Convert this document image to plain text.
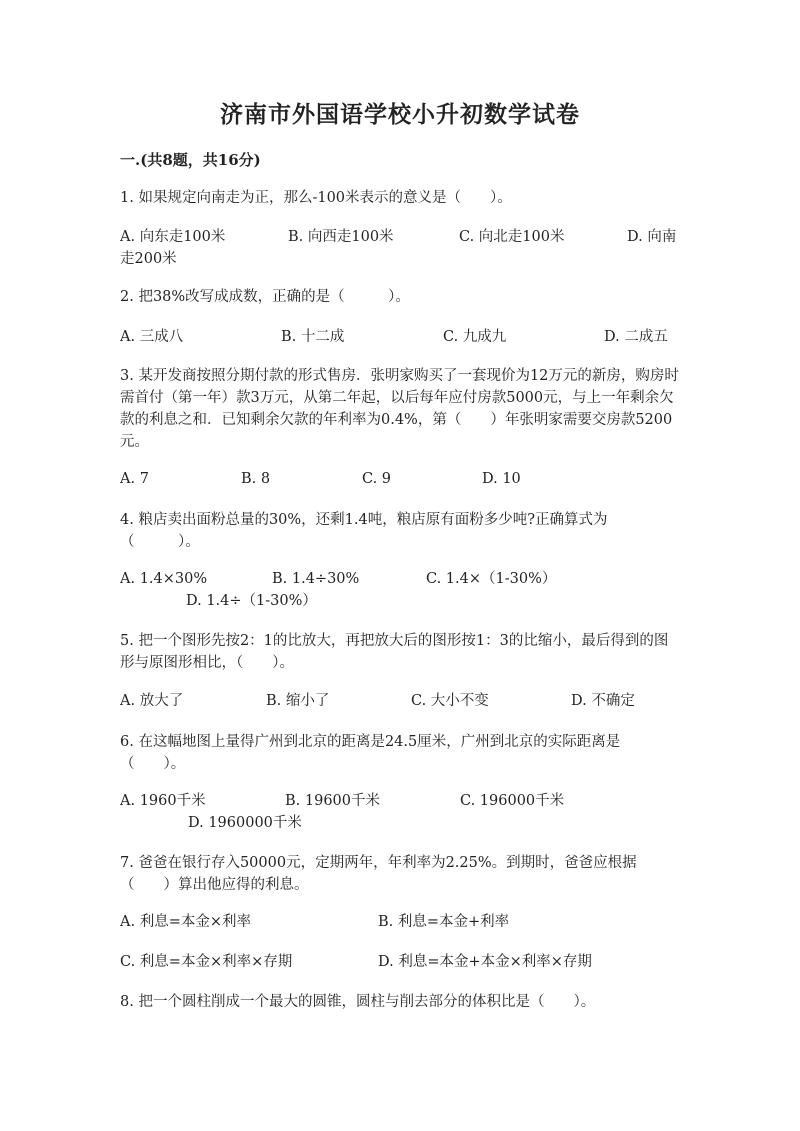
济南市外国语学校小升初数学试卷
一.(共8题，共16分)
1. 如果规定向南走为正，那么-100米表示的意义是（　　）。
A. 向东走100米	B. 向西走100米	C. 向北走100米	D. 向南
走200米
2. 把38%改写成成数，正确的是（　　　）。
A. 三成八	B. 十二成	C. 九成九	D. 二成五
3. 某开发商按照分期付款的形式售房．张明家购买了一套现价为12万元的新房，购房时需首付（第一年）款3万元，从第二年起，以后每年应付房款5000元，与上一年剩余欠款的利息之和．已知剩余欠款的年利率为0.4%，第（　　）年张明家需要交房款5200元。
A. 7	B. 8	C. 9	D. 10
4. 粮店卖出面粉总量的30%，还剩1.4吨，粮店原有面粉多少吨?正确算式为（　　　）。
A. 1.4×30%	B. 1.4÷30%	C. 1.4×（1-30%）
D. 1.4÷（1-30%）
5. 把一个图形先按2：1的比放大，再把放大后的图形按1：3的比缩小，最后得到的图形与原图形相比，（　　）。
A. 放大了	B. 缩小了	C. 大小不变	D. 不确定
6. 在这幅地图上量得广州到北京的距离是24.5厘米，广州到北京的实际距离是（　　）。
A. 1960千米	B. 19600千米	C. 196000千米
D. 1960000千米
7. 爸爸在银行存入50000元，定期两年，年利率为2.25%。到期时，爸爸应根据（　　）算出他应得的利息。
A. 利息=本金×利率	B. 利息=本金+利率
C. 利息=本金×利率×存期	D. 利息=本金+本金×利率×存期
8. 把一个圆柱削成一个最大的圆锥，圆柱与削去部分的体积比是（　　）。
